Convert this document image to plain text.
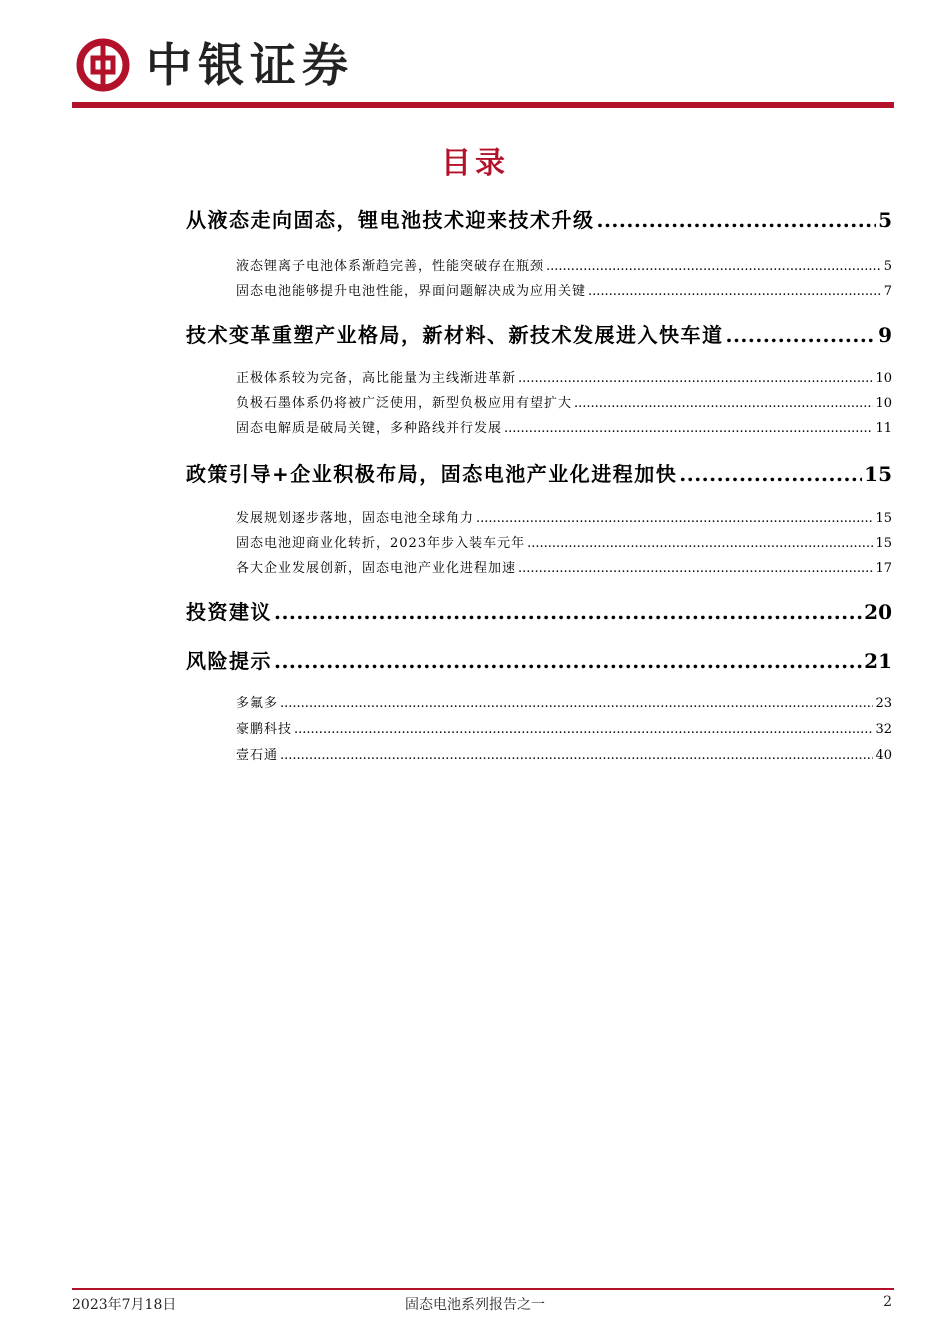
中银证券
目录
从液态走向固态，锂电池技术迎来技术升级 .....	5
液态锂离子电池体系渐趋完善，性能突破存在瓶颈 .....	5
固态电池能够提升电池性能，界面问题解决成为应用关键 .....	7
技术变革重塑产业格局，新材料、新技术发展进入快车道 .....	9
正极体系较为完备，高比能量为主线渐进革新 .....	10
负极石墨体系仍将被广泛使用，新型负极应用有望扩大 .....	10
固态电解质是破局关键，多种路线并行发展 .....	11
政策引导+企业积极布局，固态电池产业化进程加快 .....	15
发展规划逐步落地，固态电池全球角力 .....	15
固态电池迎商业化转折，2023年步入装车元年 .....	15
各大企业发展创新，固态电池产业化进程加速 .....	17
投资建议 .....	20
风险提示 .....	21
多氟多 .....	23
豪鹏科技 .....	32
壹石通 .....	40
2023年7月18日	固态电池系列报告之一	2
